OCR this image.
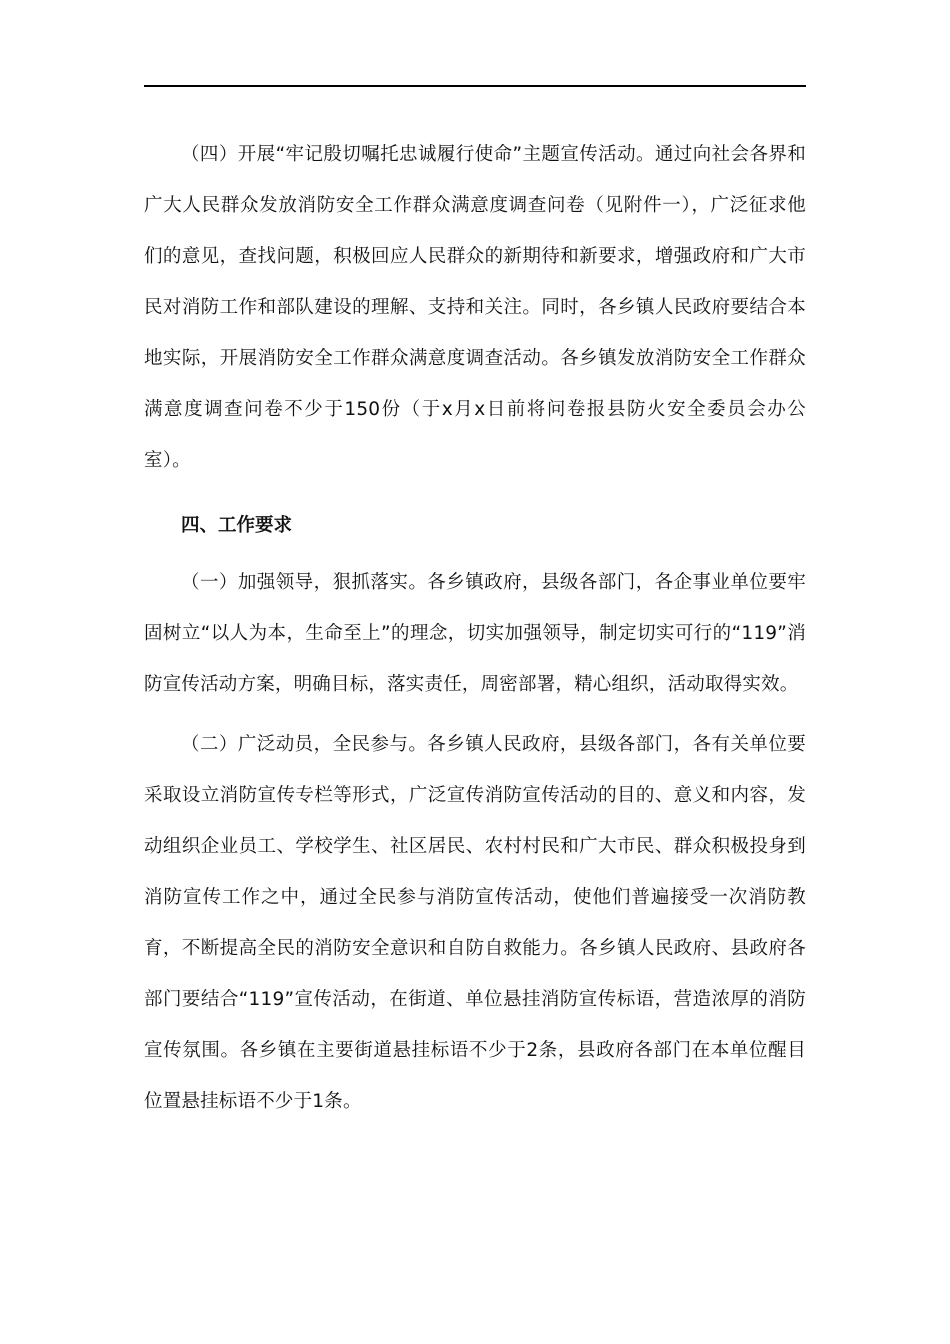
（四）开展“牢记殷切嘱托忠诚履行使命”主题宣传活动。通过向社会各界和广大人民群众发放消防安全工作群众满意度调查问卷（见附件一），广泛征求他们的意见，查找问题，积极回应人民群众的新期待和新要求，增强政府和广大市民对消防工作和部队建设的理解、支持和关注。同时，各乡镇人民政府要结合本地实际，开展消防安全工作群众满意度调查活动。各乡镇发放消防安全工作群众满意度调查问卷不少于150份（于x月x日前将问卷报县防火安全委员会办公室）。

四、工作要求

（一）加强领导，狠抓落实。各乡镇政府，县级各部门，各企事业单位要牢固树立“以人为本，生命至上”的理念，切实加强领导，制定切实可行的“119”消防宣传活动方案，明确目标，落实责任，周密部署，精心组织，活动取得实效。

（二）广泛动员，全民参与。各乡镇人民政府，县级各部门，各有关单位要采取设立消防宣传专栏等形式，广泛宣传消防宣传活动的目的、意义和内容，发动组织企业员工、学校学生、社区居民、农村村民和广大市民、群众积极投身到消防宣传工作之中，通过全民参与消防宣传活动，使他们普遍接受一次消防教育，不断提高全民的消防安全意识和自防自救能力。各乡镇人民政府、县政府各部门要结合“119”宣传活动，在街道、单位悬挂消防宣传标语，营造浓厚的消防宣传氛围。各乡镇在主要街道悬挂标语不少于2条，县政府各部门在本单位醒目位置悬挂标语不少于1条。
